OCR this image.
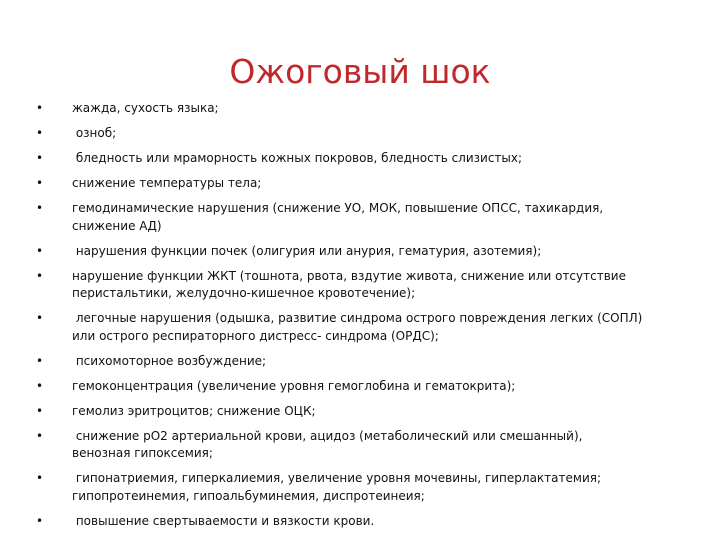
Ожоговый шок
• жажда, сухость языка;
• озноб;
• бледность или мраморность кожных покровов, бледность слизистых;
• снижение температуры тела;
• гемодинамические нарушения (снижение УО, МОК, повышение ОПСС, тахикардия,
снижение АД)
• нарушения функции почек (олигурия или анурия, гематурия, азотемия);
• нарушение функции ЖКТ (тошнота, рвота, вздутие живота, снижение или отсутствие
перистальтики, желудочно-кишечное кровотечение);
•	легочные нарушения (одышка, развитие синдрома острого повреждения легких (СОПЛ)
или острого респираторного дистресс- синдрома (ОРДС);
• психомоторное возбуждение;
• гемоконцентрация (увеличение уровня гемоглобина и гематокрита);
• гемолиз эритроцитов; снижение ОЦК;
•	снижение рО2 артериальной крови, ацидоз (метаболический или смешанный),
венозная гипоксемия;
•	гипонатриемия, гиперкалиемия, увеличение уровня мочевины, гиперлактатемия;
гипопротеинемия, гипоальбуминемия, диспротеинеия;
• повышение свертываемости и вязкости крови.
